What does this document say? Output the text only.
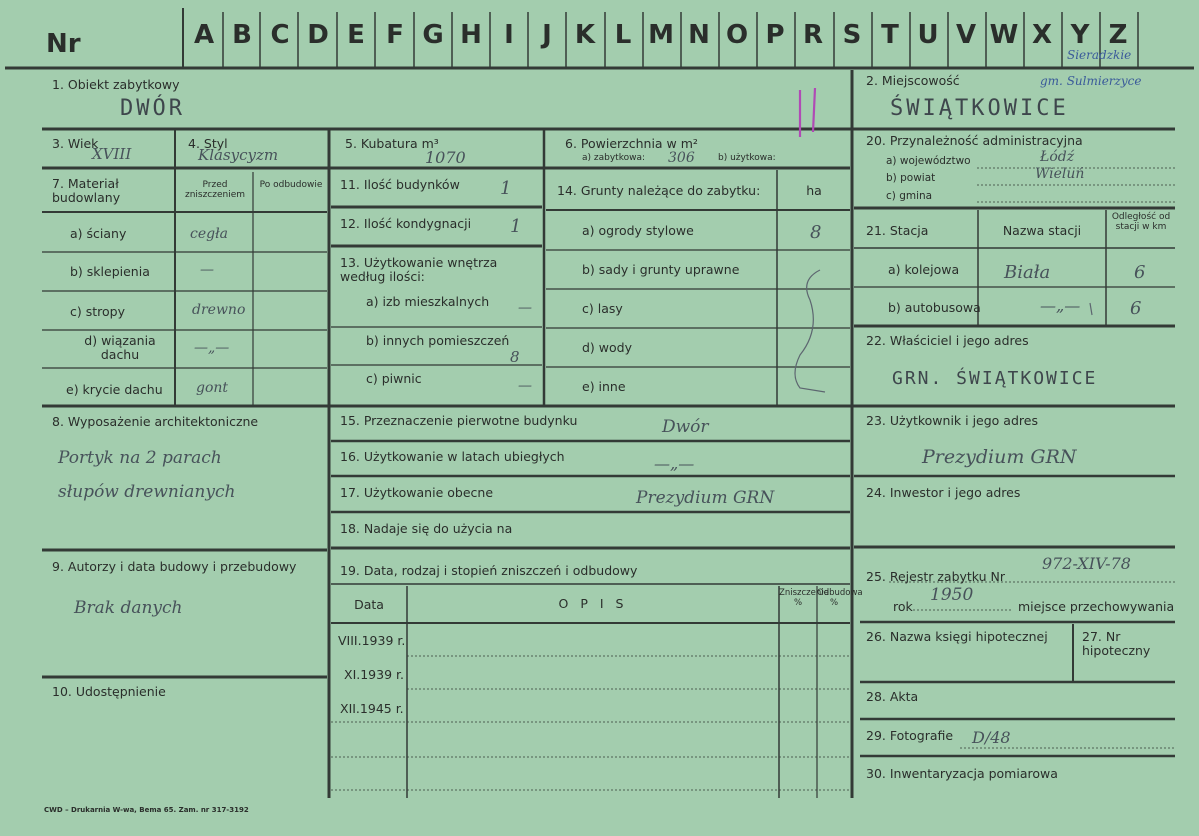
Nr	A B C D E F G H I	J K L M N O P R S T U V W X Y Z
1. Obiekt zabytkowy
DWÓR
2. Miejscowość
ŚWIĄTKOWICE
Sieradzkie
gm. Sulmierzyce
3. Wiek
XVIII
4. Styl
Klasycyzm
5. Kubatura m³
1070
6. Powierzchnia w m²
a) zabytkowa: 306	b) użytkowa:
20. Przynależność administracyjna
a) województwo	Łódź
b) powiat	Wieluń
c) gmina
7. Materiał budowlany
Przed zniszczeniem
Po odbudowie
a) ściany	cegła
b) sklepienia	—
c) stropy	drewno
d) wiązania dachu	—„—
e) krycie dachu gont
11. Ilość budynków 1
12. Ilość kondygnacji 1
13. Użytkowanie wnętrza według ilości:
a) izb mieszkalnych —
b) innych pomieszczeń
8
c) piwnic	—
14. Grunty należące do zabytku:	ha
a) ogrody stylowe	8
b) sady i grunty uprawne
c) lasy
d) wody
e) inne
21. Stacja	Nazwa stacji
Odległość od stacji w km
a) kolejowa Biała	6
b) autobusowa	—„—	6
22. Właściciel i jego adres
GRN. ŚWIĄTKOWICE
8. Wyposażenie architektoniczne
Portyk na 2 parach
słupów drewnianych
15. Przeznaczenie pierwotne budynku	Dwór
16. Użytkowanie w latach ubiegłych	—„—
17. Użytkowanie obecne	Prezydium GRN
18. Nadaje się do użycia na
23. Użytkownik i jego adres
Prezydium GRN
24. Inwestor i jego adres
9. Autorzy i data budowy i przebudowy
Brak danych
19. Data, rodzaj i stopień zniszczeń i odbudowy
Data	O P I S
Zniszczenie %
Odbudowa %
VIII.1939 r.
XI.1939 r.
XII.1945 r.
10. Udostępnienie
25. Rejestr zabytku Nr
972-XIV-78
rok
1950
miejsce przechowywania
26. Nazwa księgi hipotecznej	27. Nr hipoteczny
28. Akta
29. Fotografie D/48
30. Inwentaryzacja pomiarowa
CWD – Drukarnia W-wa, Bema 65. Zam. nr 317-3192
